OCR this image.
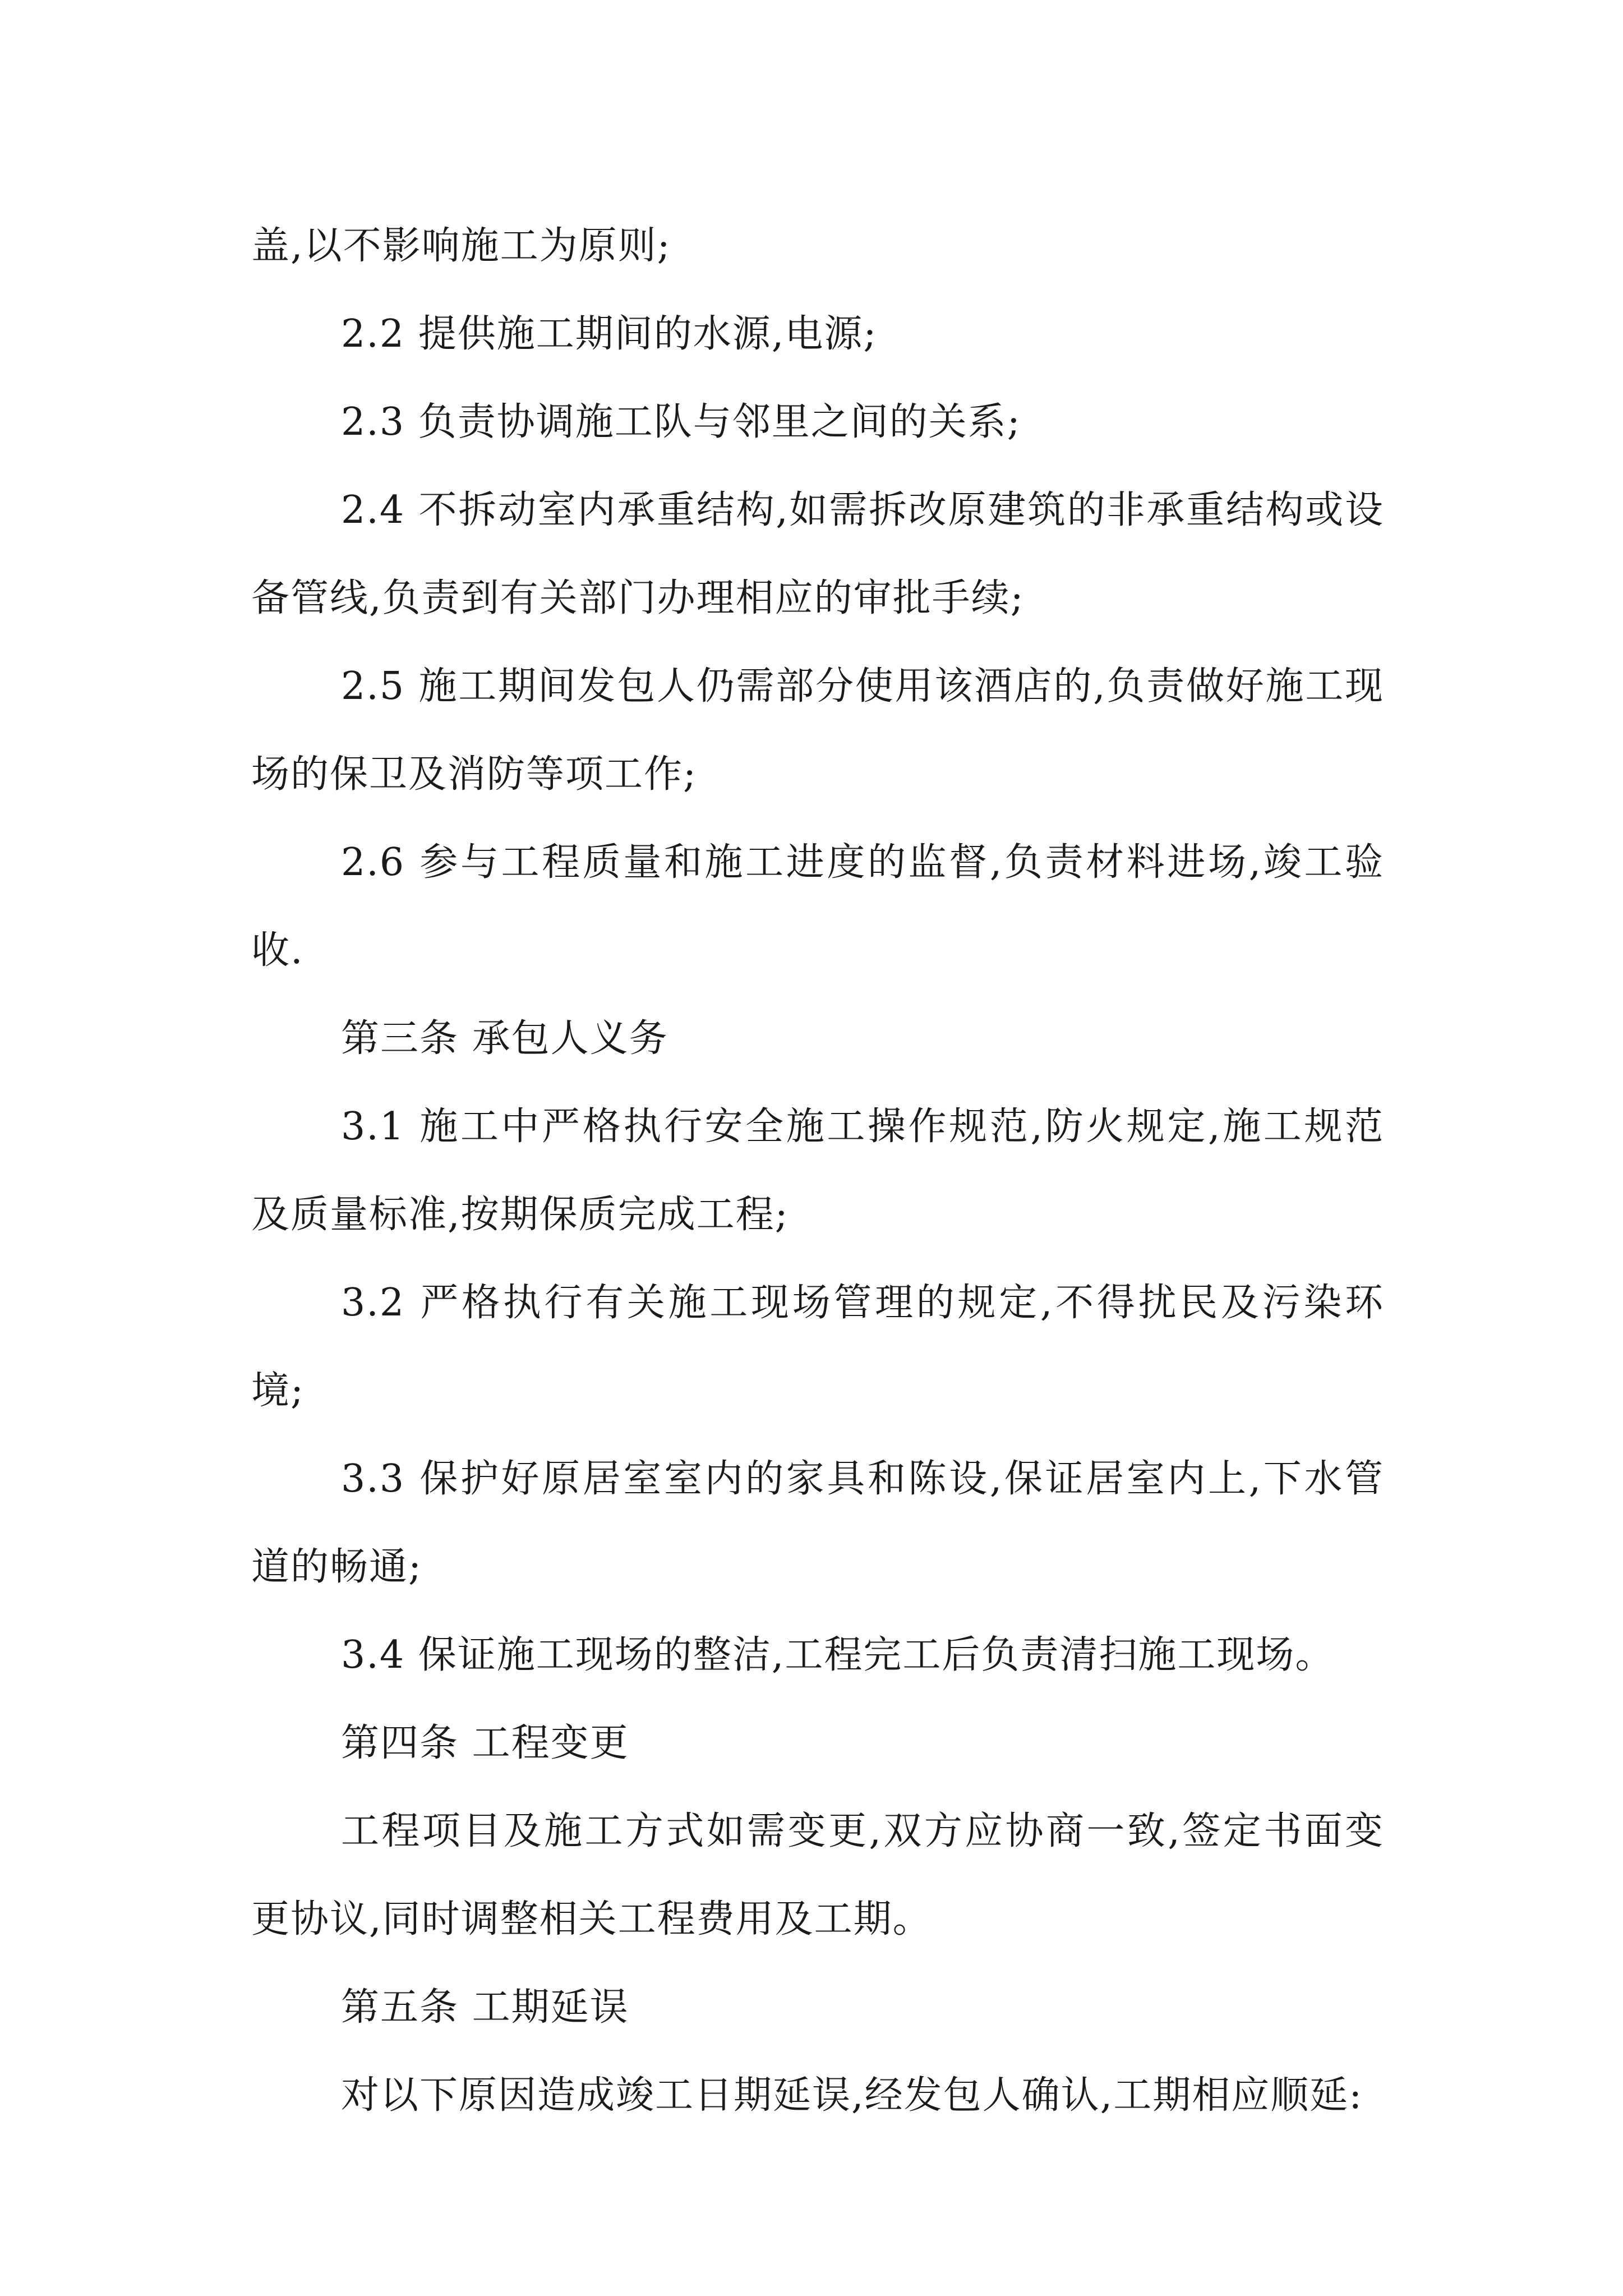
盖,以不影响施工为原则;

2.2 提供施工期间的水源,电源;

2.3 负责协调施工队与邻里之间的关系;

2.4 不拆动室内承重结构,如需拆改原建筑的非承重结构或设备管线,负责到有关部门办理相应的审批手续;

2.5 施工期间发包人仍需部分使用该酒店的,负责做好施工现场的保卫及消防等项工作;

2.6 参与工程质量和施工进度的监督,负责材料进场,竣工验收.

第三条 承包人义务

3.1 施工中严格执行安全施工操作规范,防火规定,施工规范及质量标准,按期保质完成工程;

3.2 严格执行有关施工现场管理的规定,不得扰民及污染环境;

3.3 保护好原居室室内的家具和陈设,保证居室内上,下水管道的畅通;

3.4 保证施工现场的整洁,工程完工后负责清扫施工现场。

第四条 工程变更

工程项目及施工方式如需变更,双方应协商一致,签定书面变更协议,同时调整相关工程费用及工期。

第五条 工期延误

对以下原因造成竣工日期延误,经发包人确认,工期相应顺延:
